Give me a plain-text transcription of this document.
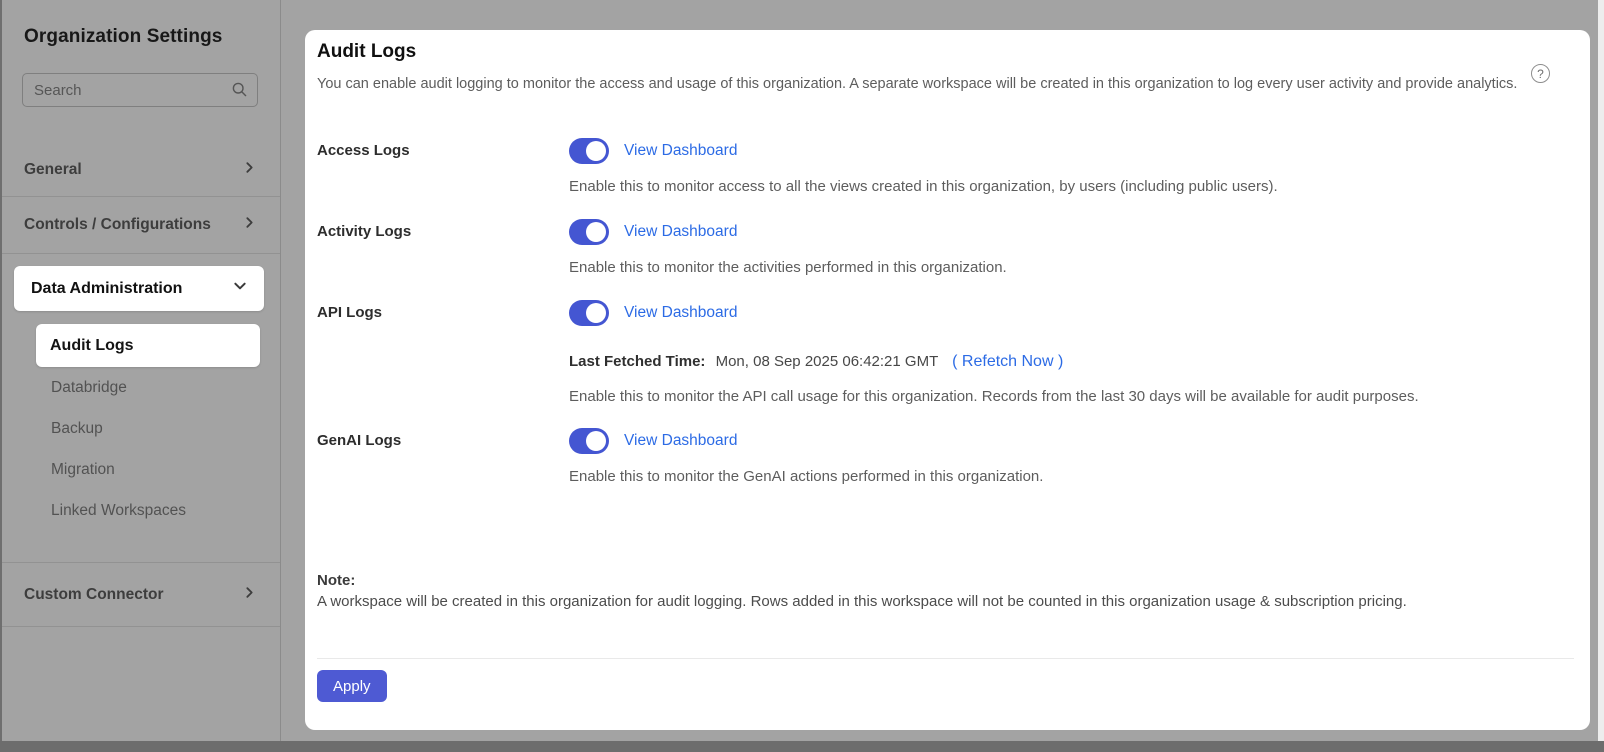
Organization Settings
Search
General
Controls / Configurations
Data Administration
Audit Logs
Databridge
Backup
Migration
Linked Workspaces
Custom Connector
Audit Logs
You can enable audit logging to monitor the access and usage of this organization. A separate workspace will be created in this organization to log every user activity and provide analytics.
?
Access Logs	View Dashboard
Enable this to monitor access to all the views created in this organization, by users (including public users).
Activity Logs	View Dashboard
Enable this to monitor the activities performed in this organization.
API Logs	View Dashboard
Last Fetched Time: Mon, 08 Sep 2025 06:42:21 GMT ( Refetch Now )
Enable this to monitor the API call usage for this organization. Records from the last 30 days will be available for audit purposes.
GenAI Logs	View Dashboard
Enable this to monitor the GenAI actions performed in this organization.
Note:
A workspace will be created in this organization for audit logging. Rows added in this workspace will not be counted in this organization usage & subscription pricing.
Apply
